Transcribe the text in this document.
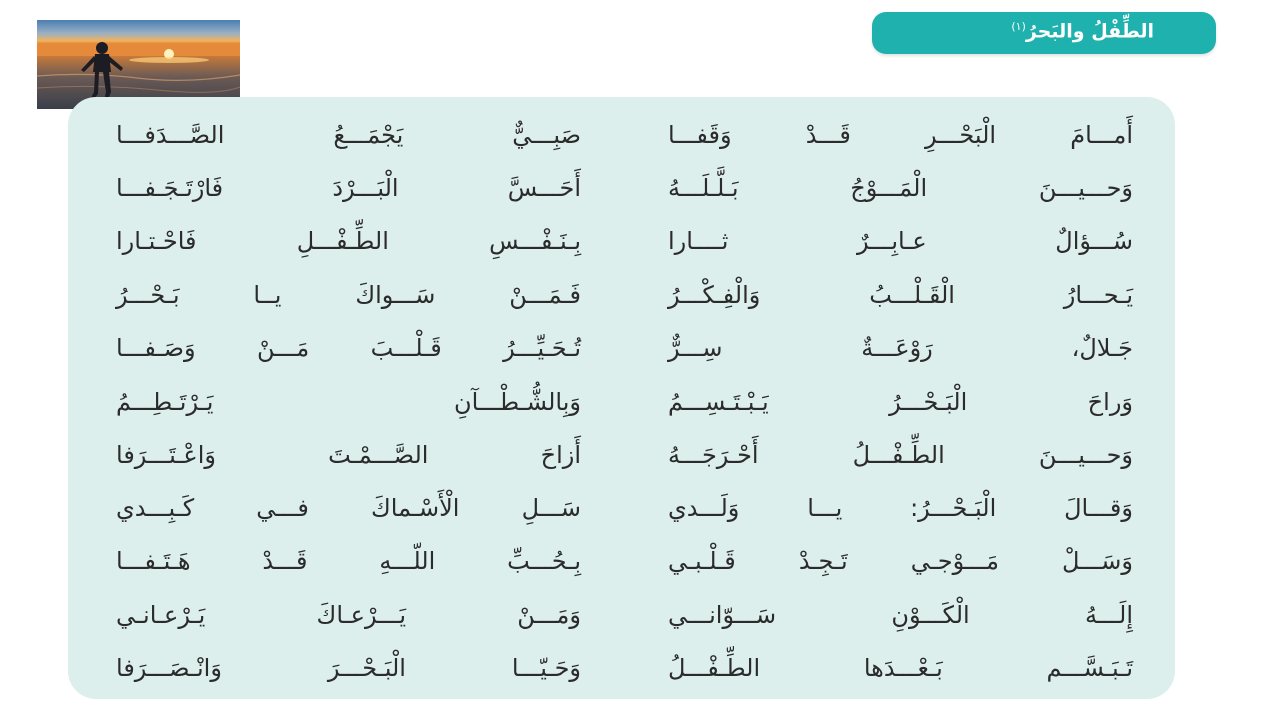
الطِّفْلُ والبَحرُ$^{(١)}$
أَمـــامَ الْبَحْـــرِ قَـــدْ وَقَفـــا
صَبِـــيٌّ يَجْمَـــعُ الصَّـــدَفـــا
وَحـــيـــنَ الْمَـــوْجُ بَـلَّـلَـــهُ
أَحَـــسَّ الْبَـــرْدَ فَارْتَـجَـفـــا
سُـــؤالٌ عـابِـــرٌ ثــــارا
بِـنَـفْـــسِ الطِّـفْـــلِ فَاحْـتـارا
يَـحـــارُ الْقَـلْـــبُ وَالْفِـكْـــرُ
فَـمَـــنْ سَـــواكَ يــا بَـحْـــرُ
جَـلالٌ، رَوْعَـــةٌ سِـــرٌّ
تُـحَـيِّـــرُ قَـلْـــبَ مَـــنْ وَصَـفـــا
وَراحَ الْبَـحْـــرُ يَـبْـتَـسِـــمُ
وَبِالشُّـطْـــآنِ يَـرْتَـطِـــمُ
وَحـــيـــنَ الطِّـفْـــلُ أَحْـرَجَـــهُ
أَزاحَ الصَّـــمْـتَ وَاعْـتَـــرَفا
وَقـــالَ الْبَـحْـــرُ: يـــا وَلَـــدي
سَـــلِ الْأَسْـماكَ فـــي كَـبِـــدي
وَسَـــلْ مَـــوْجـي تَـجِـدْ قَـلْـبـي
بِـحُـــبِّ اللّـــهِ قَـــدْ هَـتَـفـــا
إِلَـــهُ الْكَـــوْنِ سَـــوّانـــي
وَمَـــنْ يَـــرْعـاكَ يَـرْعـانـي
تَـبَـسَّـــم بَـعْـــدَها الطِّـفْـــلُ
وَحَـيّـــا الْبَـحْـــرَ وَانْـصَـــرَفا
